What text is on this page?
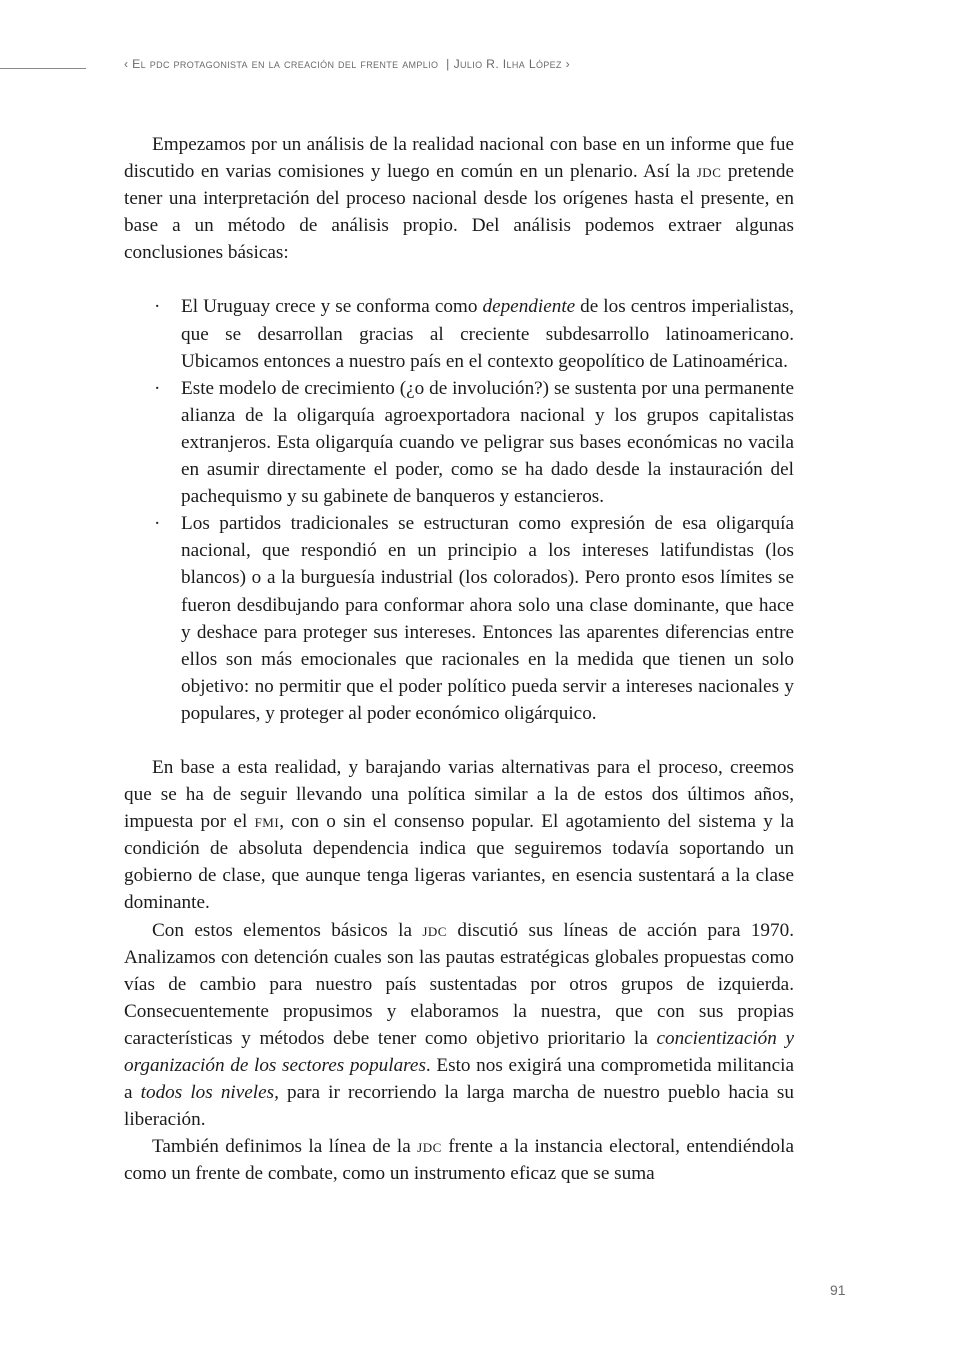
‹ El pdc protagonista en la creación del frente amplio | Julio R. Ilha López ›

Empezamos por un análisis de la realidad nacional con base en un informe que fue discutido en varias comisiones y luego en común en un plenario. Así la jdc pretende tener una interpretación del proceso nacional desde los orígenes hasta el presente, en base a un método de análisis propio. Del análisis podemos extraer algunas conclusiones básicas:

· El Uruguay crece y se conforma como dependiente de los centros imperialistas, que se desarrollan gracias al creciente subdesarrollo latinoamericano. Ubicamos entonces a nuestro país en el contexto geopolítico de Latinoamérica.
· Este modelo de crecimiento (¿o de involución?) se sustenta por una permanente alianza de la oligarquía agroexportadora nacional y los grupos capitalistas extranjeros. Esta oligarquía cuando ve peligrar sus bases económicas no vacila en asumir directamente el poder, como se ha dado desde la instauración del pachequismo y su gabinete de banqueros y estancieros.
· Los partidos tradicionales se estructuran como expresión de esa oligarquía nacional, que respondió en un principio a los intereses latifundistas (los blancos) o a la burguesía industrial (los colorados). Pero pronto esos límites se fueron desdibujando para conformar ahora solo una clase dominante, que hace y deshace para proteger sus intereses. Entonces las aparentes diferencias entre ellos son más emocionales que racionales en la medida que tienen un solo objetivo: no permitir que el poder político pueda servir a intereses nacionales y populares, y proteger al poder económico oligárquico.

En base a esta realidad, y barajando varias alternativas para el proceso, creemos que se ha de seguir llevando una política similar a la de estos dos últimos años, impuesta por el fmi, con o sin el consenso popular. El agotamiento del sistema y la condición de absoluta dependencia indica que seguiremos todavía soportando un gobierno de clase, que aunque tenga ligeras variantes, en esencia sustentará a la clase dominante.

Con estos elementos básicos la jdc discutió sus líneas de acción para 1970. Analizamos con detención cuales son las pautas estratégicas globales propuestas como vías de cambio para nuestro país sustentadas por otros grupos de izquierda. Consecuentemente propusimos y elaboramos la nuestra, que con sus propias características y métodos debe tener como objetivo prioritario la concientización y organización de los sectores populares. Esto nos exigirá una comprometida militancia a todos los niveles, para ir recorriendo la larga marcha de nuestro pueblo hacia su liberación.

También definimos la línea de la jdc frente a la instancia electoral, entendiéndola como un frente de combate, como un instrumento eficaz que se suma

91
